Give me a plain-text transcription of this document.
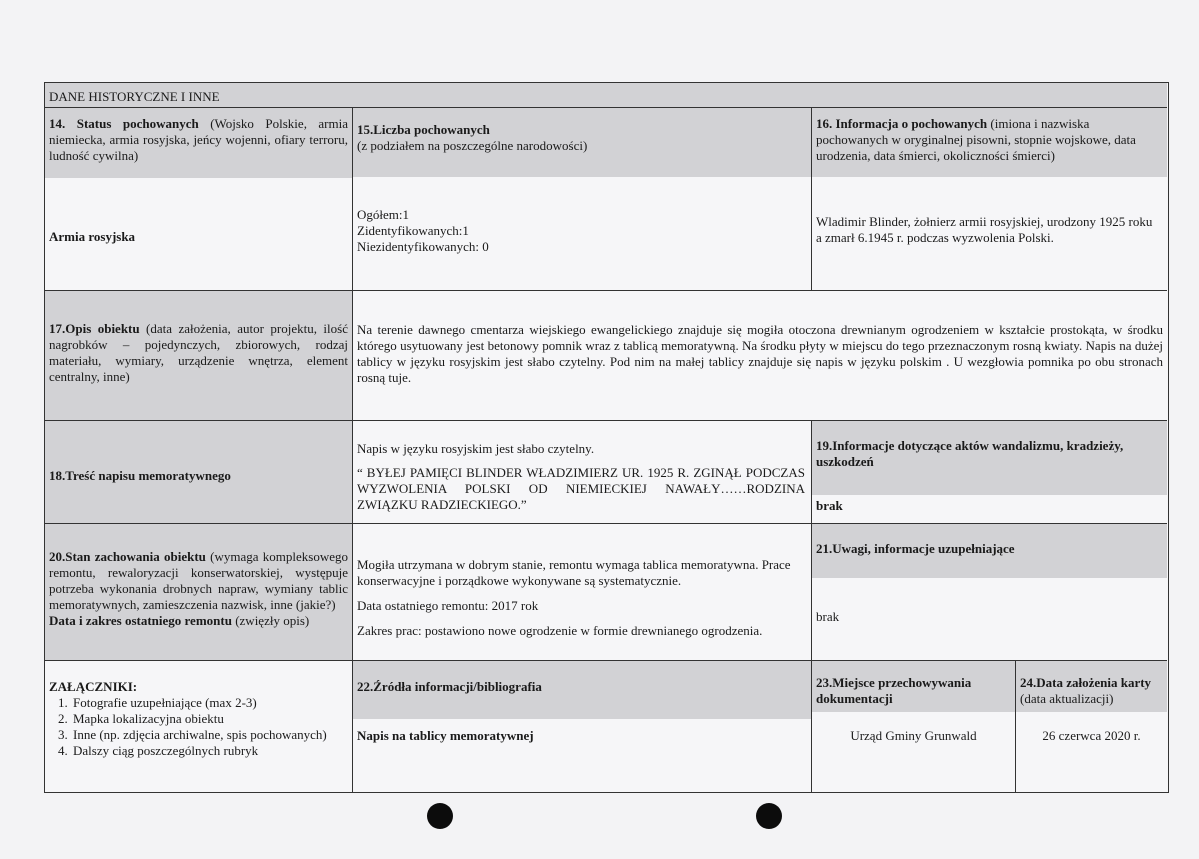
DANE HISTORYCZNE I INNE
14. Status pochowanych (Wojsko Polskie, armia niemiecka, armia rosyjska, jeńcy wojenni, ofiary terroru, ludność cywilna)
Armia rosyjska
15.Liczba pochowanych
(z podziałem na poszczególne narodowości)
Ogółem:1
Zidentyfikowanych:1
Niezidentyfikowanych: 0
16. Informacja o pochowanych (imiona i nazwiska pochowanych w oryginalnej pisowni, stopnie wojskowe, data urodzenia, data śmierci, okoliczności śmierci)
Wladimir Blinder, żołnierz armii rosyjskiej, urodzony 1925 roku a zmarł 6.1945 r. podczas wyzwolenia Polski.
17.Opis obiektu (data założenia, autor projektu, ilość nagrobków – pojedynczych, zbiorowych, rodzaj materiału, wymiary, urządzenie wnętrza, element centralny, inne)
Na terenie dawnego cmentarza wiejskiego ewangelickiego znajduje się mogiła otoczona drewnianym ogrodzeniem w kształcie prostokąta, w środku którego usytuowany jest betonowy pomnik wraz z tablicą memoratywną. Na środku płyty w miejscu do tego przeznaczonym rosną kwiaty. Napis na dużej tablicy w języku rosyjskim jest słabo czytelny. Pod nim na małej tablicy znajduje się napis w języku polskim . U wezgłowia pomnika po obu stronach rosną tuje.
18.Treść napisu memoratywnego
Napis w języku rosyjskim jest słabo czytelny.
“ BYŁEJ PAMIĘCI BLINDER WŁADZIMIERZ UR. 1925 R. ZGINĄŁ PODCZAS WYZWOLENIA POLSKI OD NIEMIECKIEJ NAWAŁY……RODZINA ZWIĄZKU RADZIECKIEGO.”
19.Informacje dotyczące aktów wandalizmu, kradzieży, uszkodzeń
brak
20.Stan zachowania obiektu (wymaga kompleksowego remontu, rewaloryzacji konserwatorskiej, występuje potrzeba wykonania drobnych napraw, wymiany tablic memoratywnych, zamieszczenia nazwisk, inne (jakie?)
Data i zakres ostatniego remontu (zwięzły opis)

Mogiła utrzymana w dobrym stanie, remontu wymaga tablica memoratywna. Prace konserwacyjne i porządkowe wykonywane są systematycznie.

Data ostatniego remontu: 2017 rok

Zakres prac: postawiono nowe ogrodzenie w formie drewnianego ogrodzenia.

21.Uwagi, informacje uzupełniające
brak
ZAŁĄCZNIKI:
1. Fotografie uzupełniające (max 2-3)
2. Mapka lokalizacyjna obiektu
3. Inne (np. zdjęcia archiwalne, spis pochowanych)
4. Dalszy ciąg poszczególnych rubryk
22.Źródła informacji/bibliografia
Napis na tablicy memoratywnej
23.Miejsce przechowywania dokumentacji
Urząd Gminy Grunwald
24.Data założenia karty
(data aktualizacji)
26 czerwca 2020 r.
